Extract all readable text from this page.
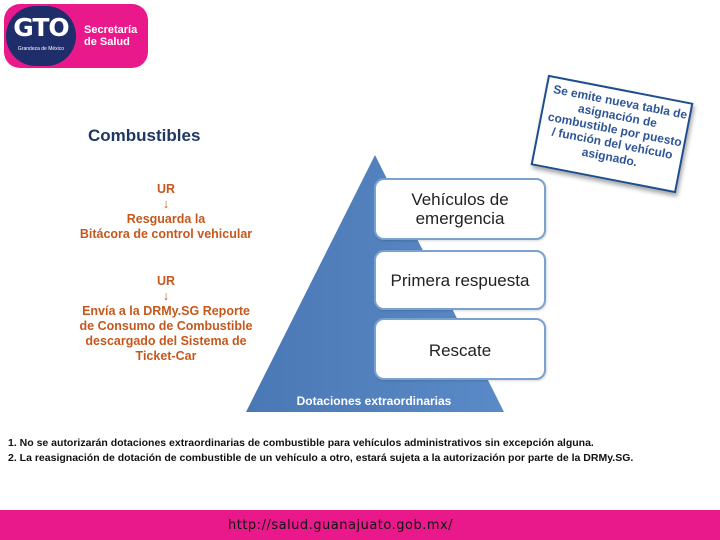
GTO
Grandeza de México
Secretaría
de Salud
Combustibles
UR
↓
Resguarda la
Bitácora de control vehicular
UR
↓
Envía a la DRMy.SG Reporte
de Consumo de Combustible
descargado del Sistema de
Ticket-Car
Vehículos de emergencia
Primera respuesta
Rescate
Dotaciones extraordinarias
Se emite nueva tabla de asignación de combustible por puesto / función del vehículo asignado.
1. No se autorizarán dotaciones extraordinarias de combustible para vehículos administrativos sin excepción alguna.
2. La reasignación de dotación de combustible de un vehículo a otro, estará sujeta a la autorización por parte de la DRMy.SG.
http://salud.guanajuato.gob.mx/
